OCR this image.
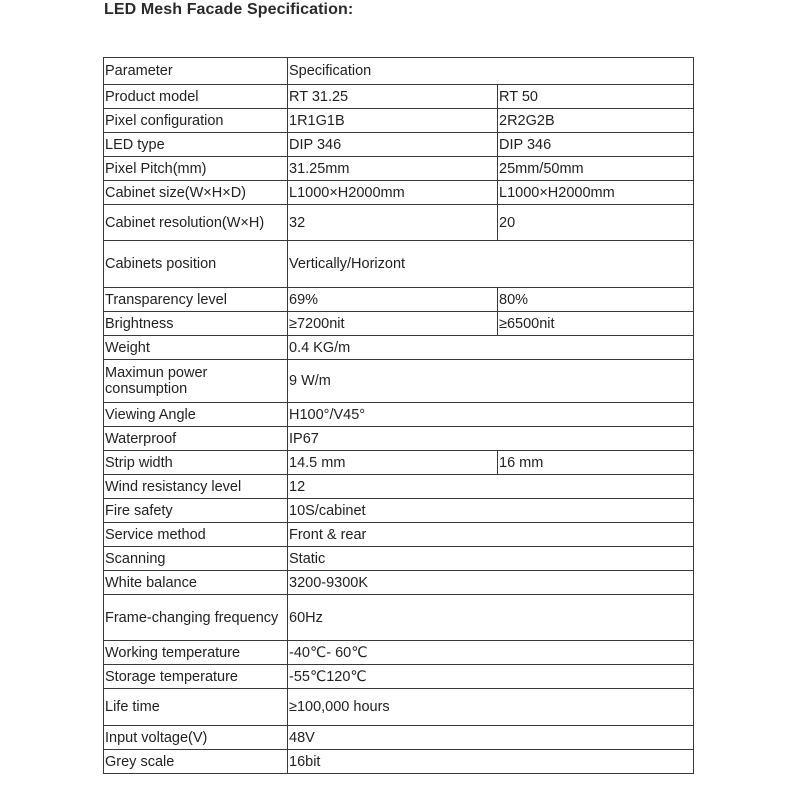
LED Mesh Facade Specification:
Parameter	Specification	
Product model	RT 31.25	RT 50
Pixel configuration	1R1G1B	2R2G2B
LED type	DIP 346	DIP 346
Pixel Pitch(mm)	31.25mm	25mm/50mm
Cabinet size(W×H×D)	L1000×H2000mm	L1000×H2000mm
Cabinet resolution(W×H)	32	20
Cabinets position	Vertically/Horizont	
Transparency level	69%	80%
Brightness	≥7200nit	≥6500nit
Weight	0.4 KG/m	
Maximun power consumption	9 W/m	
Viewing Angle	H100°/V45°	
Waterproof	IP67	
Strip width	14.5 mm	16 mm
Wind resistancy level	12	
Fire safety	10S/cabinet	
Service method	Front & rear	
Scanning	Static	
White balance	3200-9300K	
Frame-changing frequency	60Hz	
Working temperature	-40℃- 60℃	
Storage temperature	-55℃120℃	
Life time	≥100,000 hours	
Input voltage(V)	48V	
Grey scale	16bit	
